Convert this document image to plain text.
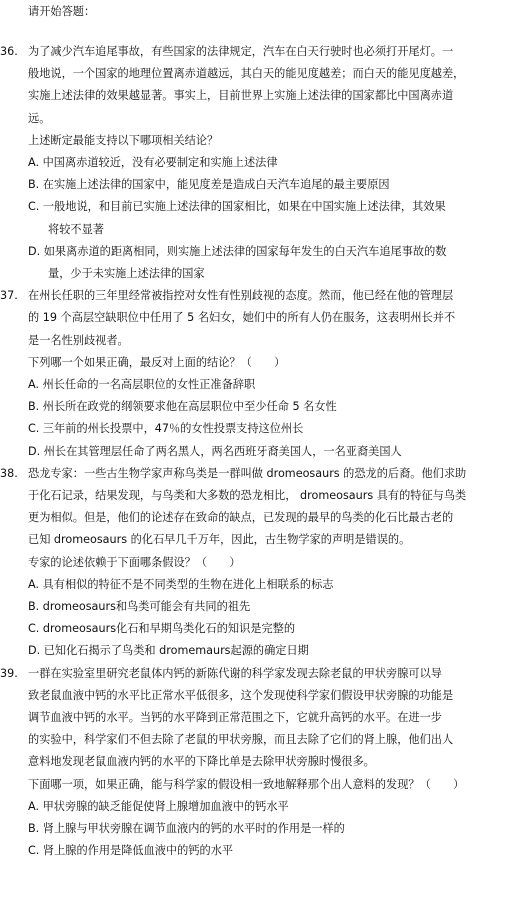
请开始答题：
36. 为了减少汽车追尾事故，有些国家的法律规定，汽车在白天行驶时也必须打开尾灯。一
般地说，一个国家的地理位置离赤道越远，其白天的能见度越差；而白天的能见度越差，
实施上述法律的效果越显著。事实上，目前世界上实施上述法律的国家都比中国离赤道
远。
上述断定最能支持以下哪项相关结论？
A. 中国离赤道较近，没有必要制定和实施上述法律
B. 在实施上述法律的国家中，能见度差是造成白天汽车追尾的最主要原因
C. 一般地说，和目前已实施上述法律的国家相比，如果在中国实施上述法律，其效果
将较不显著
D. 如果离赤道的距离相同，则实施上述法律的国家每年发生的白天汽车追尾事故的数
量，少于未实施上述法律的国家
37. 在州长任职的三年里经常被指控对女性有性别歧视的态度。然而，他已经在他的管理层
的 19 个高层空缺职位中任用了 5 名妇女，她们中的所有人仍在服务，这表明州长并不
是一名性别歧视者。
下列哪一个如果正确，最反对上面的结论？（　　）
A. 州长任命的一名高层职位的女性正准备辞职
B. 州长所在政党的纲领要求他在高层职位中至少任命 5 名女性
C. 三年前的州长投票中，47％的女性投票支持这位州长
D. 州长在其管理层任命了两名黑人，两名西班牙裔美国人，一名亚裔美国人
38. 恐龙专家：一些古生物学家声称鸟类是一群叫做 dromeosaurs 的恐龙的后裔。他们求助
于化石记录，结果发现，与鸟类和大多数的恐龙相比， dromeosaurs 具有的特征与鸟类
更为相似。但是，他们的论述存在致命的缺点，已发现的最早的鸟类的化石比最古老的
已知 dromeosaurs 的化石早几千万年，因此，古生物学家的声明是错误的。
专家的论述依赖于下面哪条假设？（　　）
A. 具有相似的特征不是不同类型的生物在进化上相联系的标志
B. dromeosaurs和鸟类可能会有共同的祖先
C. dromeosaurs化石和早期鸟类化石的知识是完整的
D. 已知化石揭示了鸟类和 dromemaurs起源的确定日期
39. 一群在实验室里研究老鼠体内钙的新陈代谢的科学家发现去除老鼠的甲状旁腺可以导
致老鼠血液中钙的水平比正常水平低很多，这个发现使科学家们假设甲状旁腺的功能是
调节血液中钙的水平。当钙的水平降到正常范围之下，它就升高钙的水平。在进一步
的实验中，科学家们不但去除了老鼠的甲状旁腺，而且去除了它们的肾上腺，他们出人
意料地发现老鼠血液内钙的水平的下降比单是去除甲状旁腺时慢很多。
下面哪一项，如果正确，能与科学家的假设相一致地解释那个出人意料的发现？（　　）
A. 甲状旁腺的缺乏能促使肾上腺增加血液中的钙水平
B. 肾上腺与甲状旁腺在调节血液内的钙的水平时的作用是一样的
C. 肾上腺的作用是降低血液中的钙的水平
